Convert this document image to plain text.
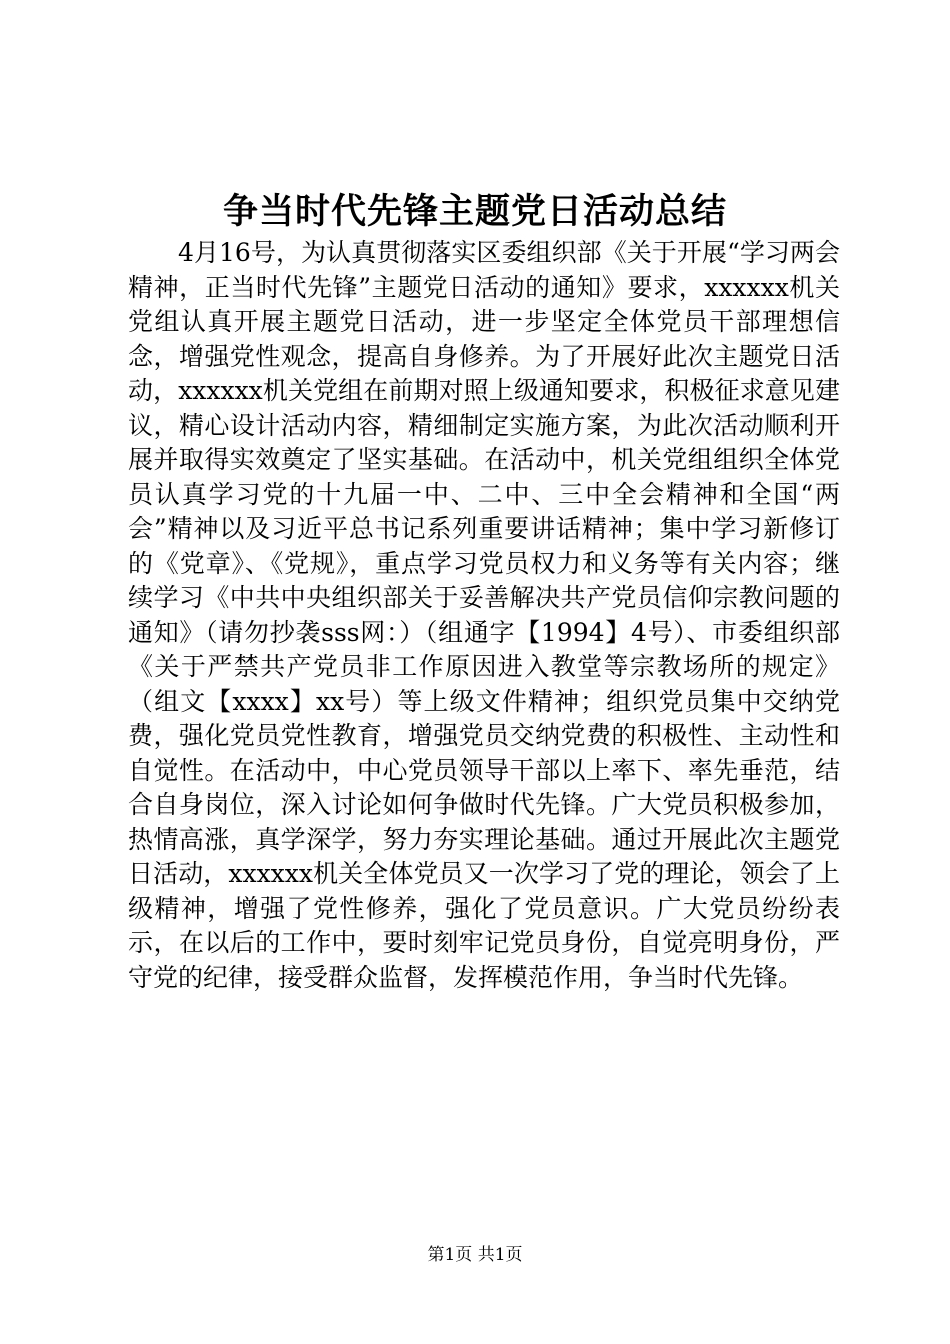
争当时代先锋主题党日活动总结

4月16号，为认真贯彻落实区委组织部《关于开展“学习两会精神，正当时代先锋”主题党日活动的通知》要求，xxxxxx机关党组认真开展主题党日活动，进一步坚定全体党员干部理想信念，增强党性观念，提高自身修养。为了开展好此次主题党日活动，xxxxxx机关党组在前期对照上级通知要求，积极征求意见建议，精心设计活动内容，精细制定实施方案，为此次活动顺利开展并取得实效奠定了坚实基础。在活动中，机关党组组织全体党员认真学习党的十九届一中、二中、三中全会精神和全国“两会”精神以及习近平总书记系列重要讲话精神；集中学习新修订的《党章》、《党规》，重点学习党员权力和义务等有关内容；继续学习《中共中央组织部关于妥善解决共产党员信仰宗教问题的通知》（请勿抄袭sss网：）（组通字【1994】4号）、市委组织部《关于严禁共产党员非工作原因进入教堂等宗教场所的规定》（组文【xxxx】xx号）等上级文件精神；组织党员集中交纳党费，强化党员党性教育，增强党员交纳党费的积极性、主动性和自觉性。在活动中，中心党员领导干部以上率下、率先垂范，结合自身岗位，深入讨论如何争做时代先锋。广大党员积极参加，热情高涨，真学深学，努力夯实理论基础。通过开展此次主题党日活动，xxxxxx机关全体党员又一次学习了党的理论，领会了上级精神，增强了党性修养，强化了党员意识。广大党员纷纷表示，在以后的工作中，要时刻牢记党员身份，自觉亮明身份，严守党的纪律，接受群众监督，发挥模范作用，争当时代先锋。

第1页 共1页
